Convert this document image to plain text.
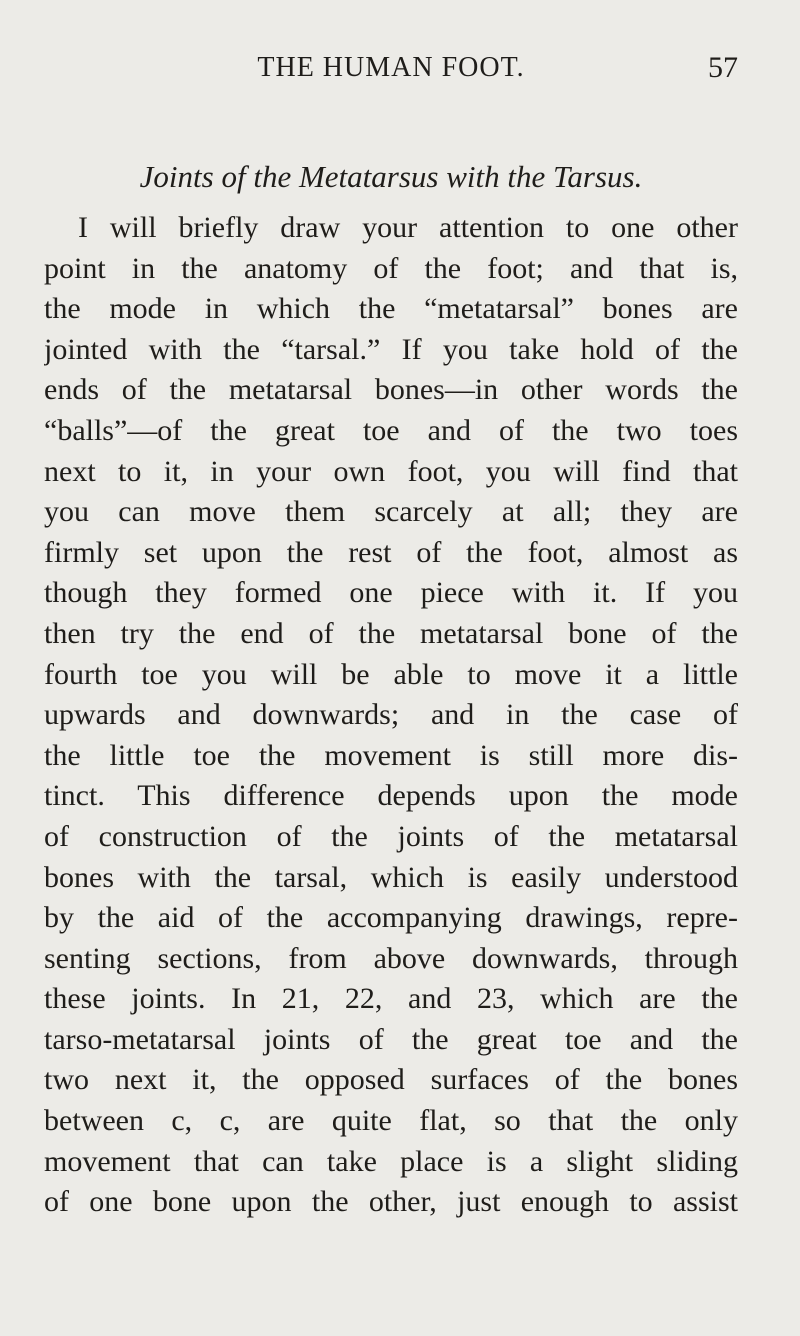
THE HUMAN FOOT.	57
Joints of the Metatarsus with the Tarsus.
I will briefly draw your attention to one other
point in the anatomy of the foot; and that is,
the mode in which the “metatarsal” bones are
jointed with the “tarsal.” If you take hold of the
ends of the metatarsal bones—in other words the
“balls”—of the great toe and of the two toes
next to it, in your own foot, you will find that
you can move them scarcely at all; they are
firmly set upon the rest of the foot, almost as
though they formed one piece with it. If you
then try the end of the metatarsal bone of the
fourth toe you will be able to move it a little
upwards and downwards; and in the case of
the little toe the movement is still more dis-
tinct. This difference depends upon the mode
of construction of the joints of the metatarsal
bones with the tarsal, which is easily understood
by the aid of the accompanying drawings, repre-
senting sections, from above downwards, through
these joints. In 21, 22, and 23, which are the
tarso-metatarsal joints of the great toe and the
two next it, the opposed surfaces of the bones
between c, c, are quite flat, so that the only
movement that can take place is a slight sliding
of one bone upon the other, just enough to assist
